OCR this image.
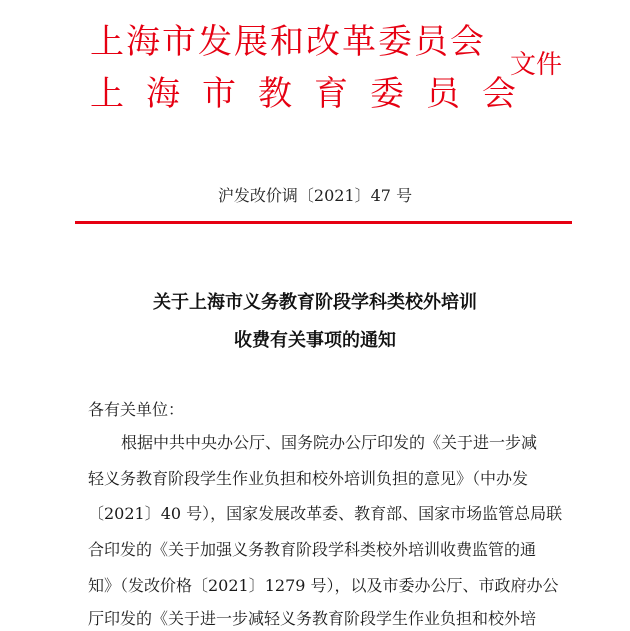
上海市发展和改革委员会
上海市教育委员会
文件
沪发改价调〔2021〕47 号
关于上海市义务教育阶段学科类校外培训
收费有关事项的通知
各有关单位：
根据中共中央办公厅、国务院办公厅印发的《关于进一步减
轻义务教育阶段学生作业负担和校外培训负担的意见》（中办发
〔2021〕40 号），国家发展改革委、教育部、国家市场监管总局联
合印发的《关于加强义务教育阶段学科类校外培训收费监管的通
知》（发改价格〔2021〕1279 号），以及市委办公厅、市政府办公
厅印发的《关于进一步减轻义务教育阶段学生作业负担和校外培
